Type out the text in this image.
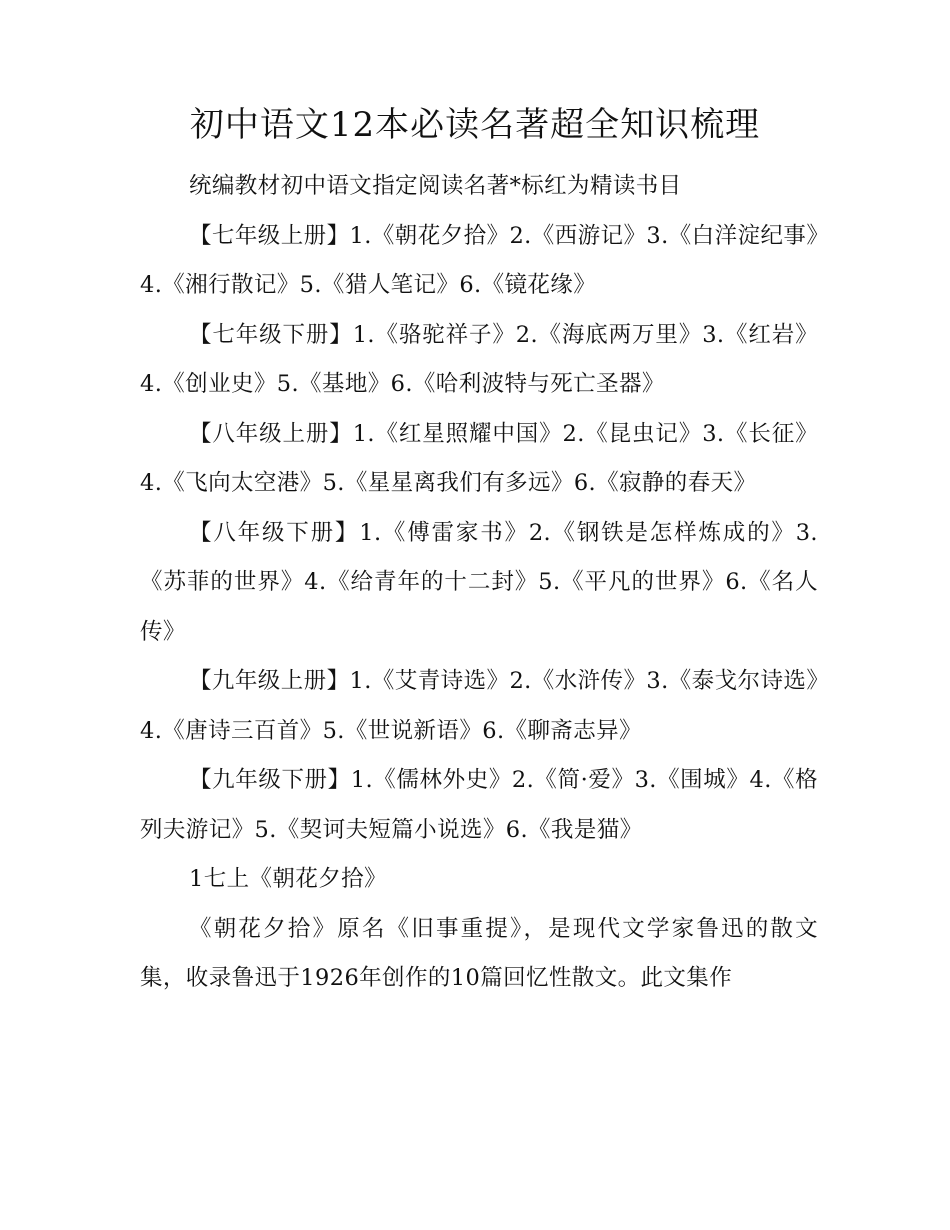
初中语文12本必读名著超全知识梳理

统编教材初中语文指定阅读名著*标红为精读书目

【七年级上册】1.《朝花夕拾》2.《西游记》3.《白洋淀纪事》4.《湘行散记》5.《猎人笔记》6.《镜花缘》

【七年级下册】1.《骆驼祥子》2.《海底两万里》3.《红岩》4.《创业史》5.《基地》6.《哈利波特与死亡圣器》

【八年级上册】1.《红星照耀中国》2.《昆虫记》3.《长征》4.《飞向太空港》5.《星星离我们有多远》6.《寂静的春天》

【八年级下册】1.《傅雷家书》2.《钢铁是怎样炼成的》3.《苏菲的世界》4.《给青年的十二封》5.《平凡的世界》6.《名人传》

【九年级上册】1.《艾青诗选》2.《水浒传》3.《泰戈尔诗选》4.《唐诗三百首》5.《世说新语》6.《聊斋志异》

【九年级下册】1.《儒林外史》2.《简·爱》3.《围城》4.《格列夫游记》5.《契诃夫短篇小说选》6.《我是猫》

1七上《朝花夕拾》

《朝花夕拾》原名《旧事重提》，是现代文学家鲁迅的散文集，收录鲁迅于1926年创作的10篇回忆性散文。此文集作
